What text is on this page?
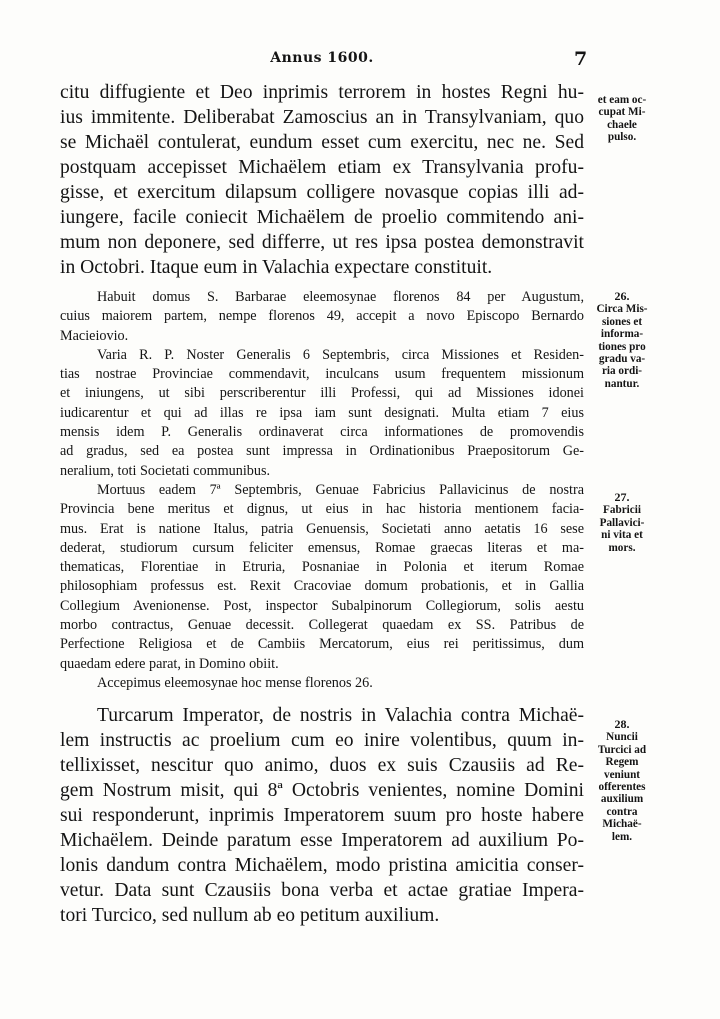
Annus 1600.	7
citu diffugiente et Deo inprimis terrorem in hostes Regni hu-
ius immitente. Deliberabat Zamoscius an in Transylvaniam, quo
se Michaël contulerat, eundum esset cum exercitu, nec ne. Sed
postquam accepisset Michaëlem etiam ex Transylvania profu-
gisse, et exercitum dilapsum colligere novasque copias illi ad-
iungere, facile coniecit Michaëlem de proelio commitendo ani-
mum non deponere, sed differre, ut res ipsa postea demonstravit
in Octobri. Itaque eum in Valachia expectare constituit.
Habuit domus S. Barbarae eleemosynae florenos 84 per Augustum,
cuius maiorem partem, nempe florenos 49, accepit a novo Episcopo Bernardo
Macieiovio.
Varia R. P. Noster Generalis 6 Septembris, circa Missiones et Residen-
tias nostrae Provinciae commendavit, inculcans usum frequentem missionum
et iniungens, ut sibi perscriberentur illi Professi, qui ad Missiones idonei
iudicarentur et qui ad illas re ipsa iam sunt designati. Multa etiam 7 eius
mensis idem P. Generalis ordinaverat circa informationes de promovendis
ad gradus, sed ea postea sunt impressa in Ordinationibus Praepositorum Ge-
neralium, toti Societati communibus.
Mortuus eadem 7ª Septembris, Genuae Fabricius Pallavicinus de nostra
Provincia bene meritus et dignus, ut eius in hac historia mentionem facia-
mus. Erat is natione Italus, patria Genuensis, Societati anno aetatis 16 sese
dederat, studiorum cursum feliciter emensus, Romae graecas literas et ma-
thematicas, Florentiae in Etruria, Posnaniae in Polonia et iterum Romae
philosophiam professus est. Rexit Cracoviae domum probationis, et in Gallia
Collegium Avenionense. Post, inspector Subalpinorum Collegiorum, solis aestu
morbo contractus, Genuae decessit. Collegerat quaedam ex SS. Patribus de
Perfectione Religiosa et de Cambiis Mercatorum, eius rei peritissimus, dum
quaedam edere parat, in Domino obiit.
Accepimus eleemosynae hoc mense florenos 26.
Turcarum Imperator, de nostris in Valachia contra Michaë-
lem instructis ac proelium cum eo inire volentibus, quum in-
tellixisset, nescitur quo animo, duos ex suis Czausiis ad Re-
gem Nostrum misit, qui 8ª Octobris venientes, nomine Domini
sui responderunt, inprimis Imperatorem suum pro hoste habere
Michaëlem. Deinde paratum esse Imperatorem ad auxilium Po-
lonis dandum contra Michaëlem, modo pristina amicitia conser-
vetur. Data sunt Czausiis bona verba et actae gratiae Impera-
tori Turcico, sed nullum ab eo petitum auxilium.
et eam oc-
cupat Mi-
chaele
pulso.
26.
Circa Mis-
siones et
informa-
tiones pro
gradu va-
ria ordi-
nantur.
27.
Fabricii
Pallavici-
ni vita et
mors.
28.
Nuncii
Turcici ad
Regem
veniunt
offerentes
auxilium
contra
Michaë-
lem.
